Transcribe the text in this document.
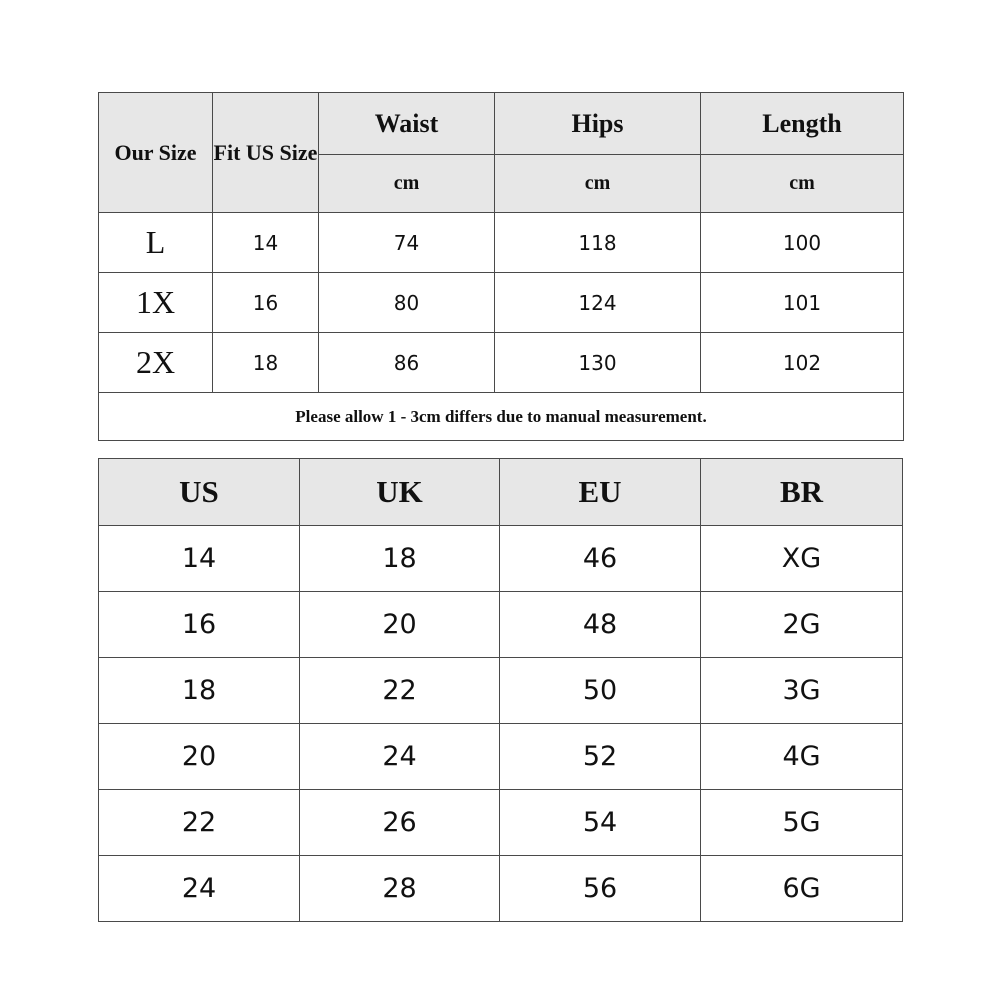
Our Size	Fit US Size	Waist	Hips	Length
		cm	cm	cm
L	14	74	118	100
1X	16	80	124	101
2X	18	86	130	102
Please allow 1 - 3cm differs due to manual measurement.				
US	UK	EU	BR
14	18	46	XG
16	20	48	2G
18	22	50	3G
20	24	52	4G
22	26	54	5G
24	28	56	6G
